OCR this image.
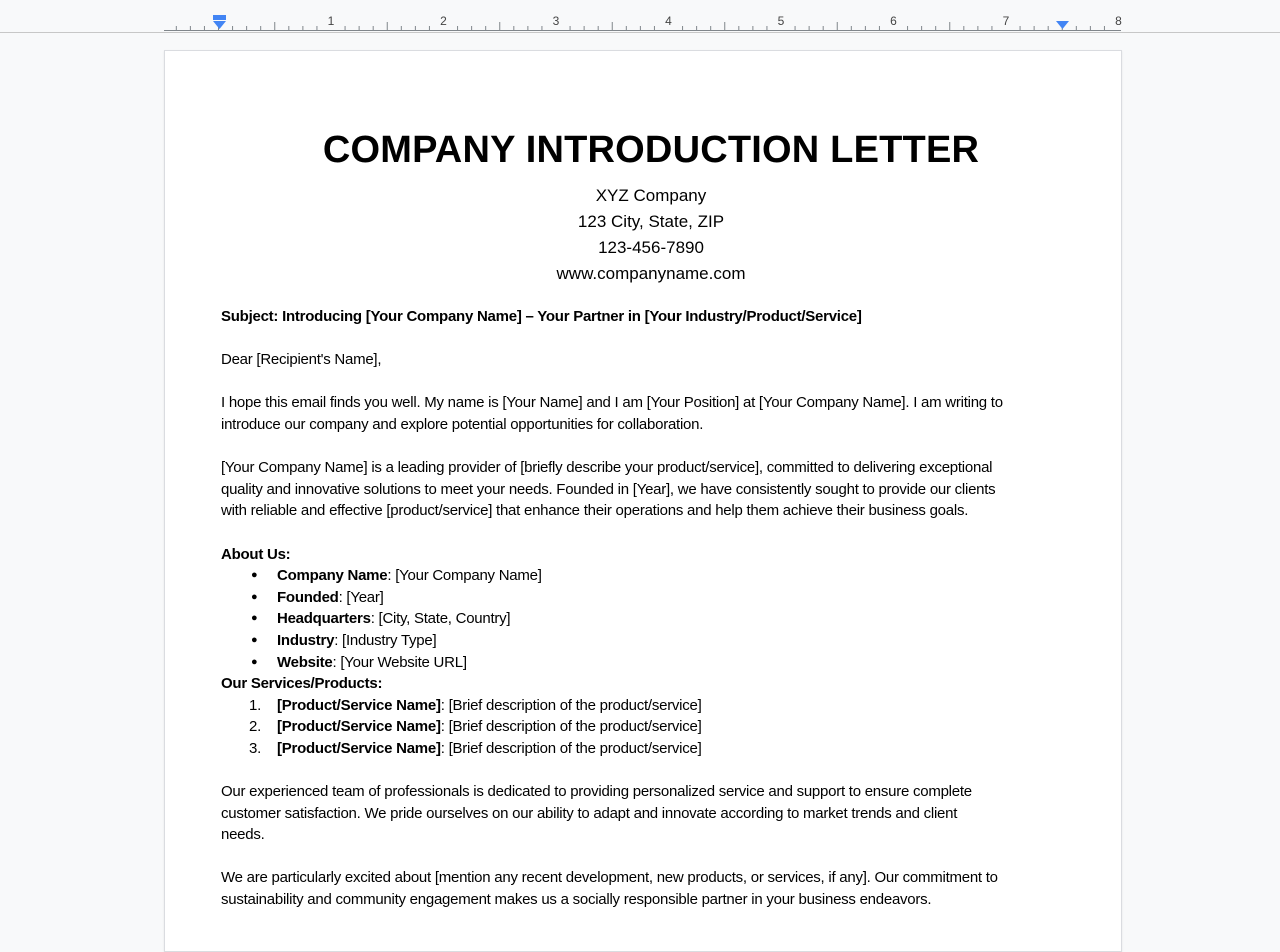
1	2	3	4	5	6	7	8
COMPANY INTRODUCTION LETTER
XYZ Company
123 City, State, ZIP
123-456-7890
www.companyname.com
Subject: Introducing [Your Company Name] – Your Partner in [Your Industry/Product/Service]
Dear [Recipient's Name],
I hope this email finds you well. My name is [Your Name] and I am [Your Position] at [Your Company Name]. I am writing to
introduce our company and explore potential opportunities for collaboration.
[Your Company Name] is a leading provider of [briefly describe your product/service], committed to delivering exceptional
quality and innovative solutions to meet your needs. Founded in [Year], we have consistently sought to provide our clients
with reliable and effective [product/service] that enhance their operations and help them achieve their business goals.
About Us:
● Company Name: [Your Company Name]
● Founded: [Year]
● Headquarters: [City, State, Country]
● Industry: [Industry Type]
● Website: [Your Website URL]
Our Services/Products:
1. [Product/Service Name]: [Brief description of the product/service]
2. [Product/Service Name]: [Brief description of the product/service]
3. [Product/Service Name]: [Brief description of the product/service]
Our experienced team of professionals is dedicated to providing personalized service and support to ensure complete
customer satisfaction. We pride ourselves on our ability to adapt and innovate according to market trends and client
needs.
We are particularly excited about [mention any recent development, new products, or services, if any]. Our commitment to
sustainability and community engagement makes us a socially responsible partner in your business endeavors.
